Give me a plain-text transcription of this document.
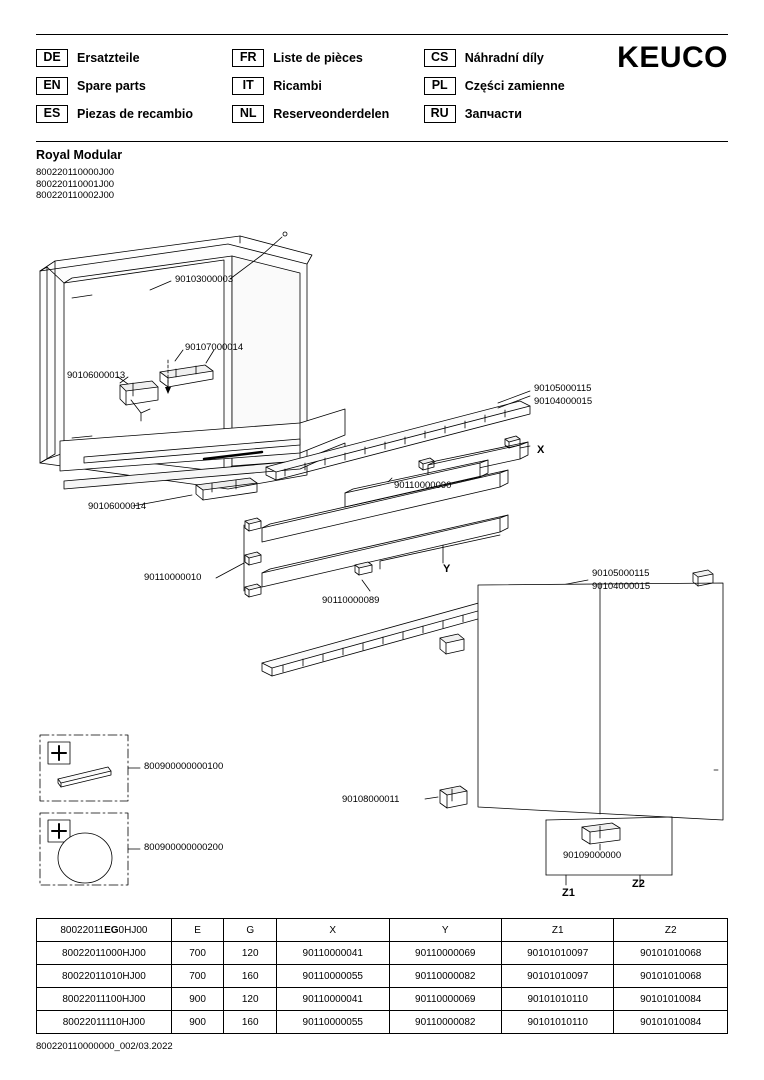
DE	Ersatzteile	FR	Liste de pièces	CS	Náhradní díly
EN	Spare parts	IT	Ricambi	PL	Części zamienne
ES	Piezas de recambio	NL	Reserveonderdelen	RU	Запчасти
KEUCO
Royal Modular
800220110000J00
800220110001J00
800220110002J00
90103000003
90107000014
90106000013
90106000014
90105000115
90104000015
90110000090
90110000010
90110000089
90105000115
90104000015
90108000011
90109000000
800900000000100
800900000000200
X
Y
Z1
Z2
80022011EG0HJ00	E	G	X	Y	Z1	Z2
80022011000HJ00	700	120	90110000041	90110000069	90101010097	90101010068
80022011010HJ00	700	160	90110000055	90110000082	90101010097	90101010068
80022011100HJ00	900	120	90110000041	90110000069	90101010110	90101010084
80022011110HJ00	900	160	90110000055	90110000082	90101010110	90101010084
800220110000000_002/03.2022
